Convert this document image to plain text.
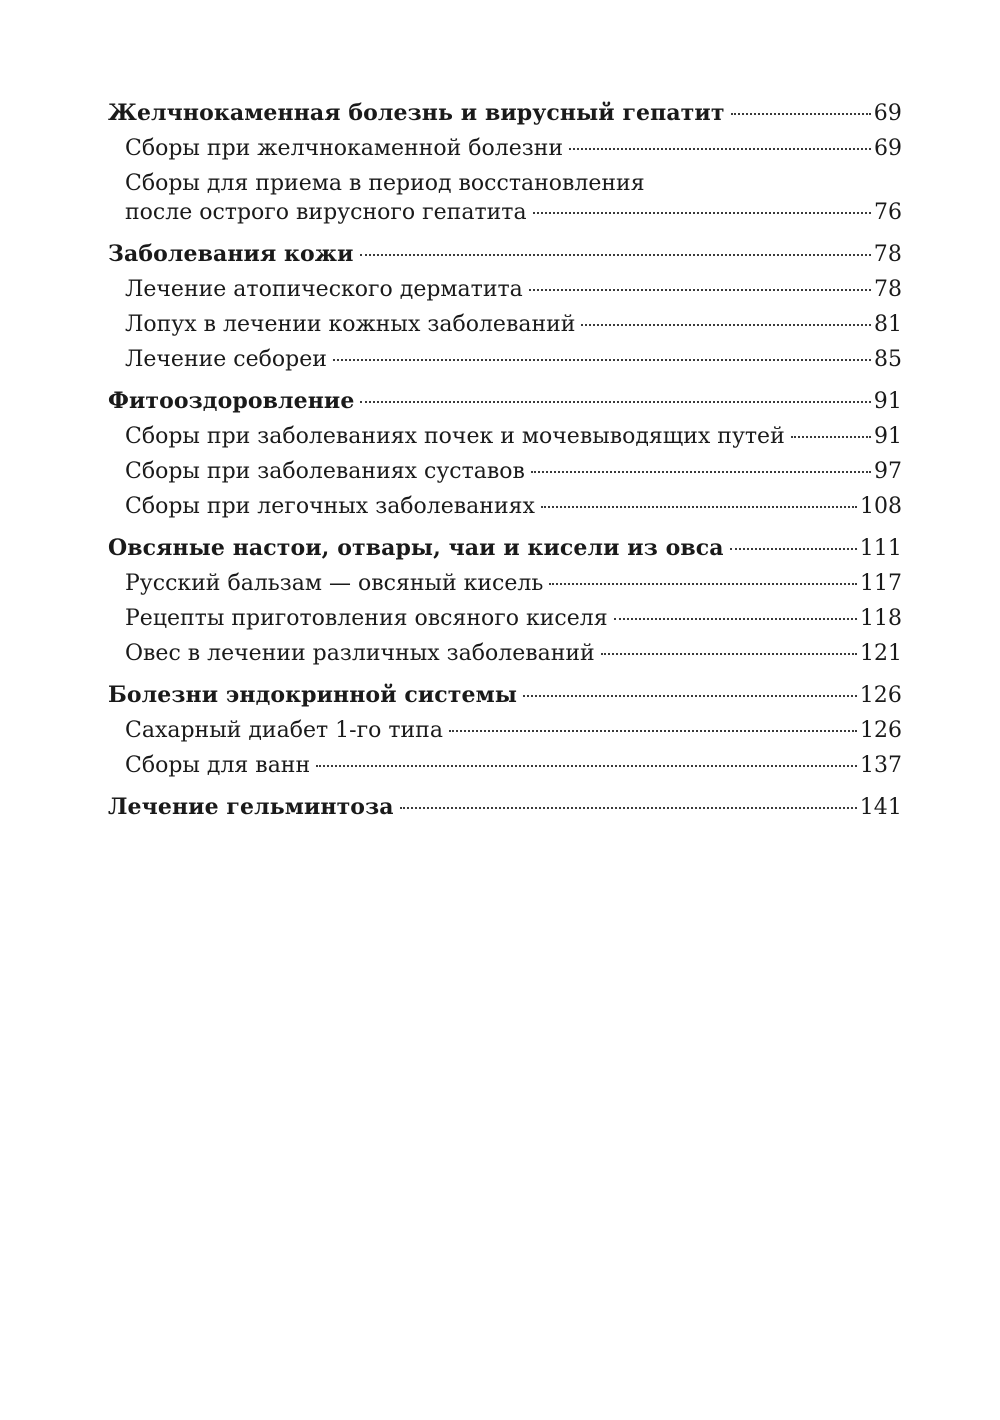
Желчнокаменная болезнь и вирусный гепатит	69
Сборы при желчнокаменной болезни	69
Сборы для приема в период восстановления
после острого вирусного гепатита	76
Заболевания кожи	78
Лечение атопического дерматита	78
Лопух в лечении кожных заболеваний	81
Лечение себореи	85
Фитооздоровление	91
Сборы при заболеваниях почек и мочевыводящих путей	91
Сборы при заболеваниях суставов	97
Сборы при легочных заболеваниях	108
Овсяные настои, отвары, чаи и кисели из овса	111
Русский бальзам — овсяный кисель	117
Рецепты приготовления овсяного киселя	118
Овес в лечении различных заболеваний	121
Болезни эндокринной системы	126
Сахарный диабет 1-го типа	126
Сборы для ванн	137
Лечение гельминтоза	141
